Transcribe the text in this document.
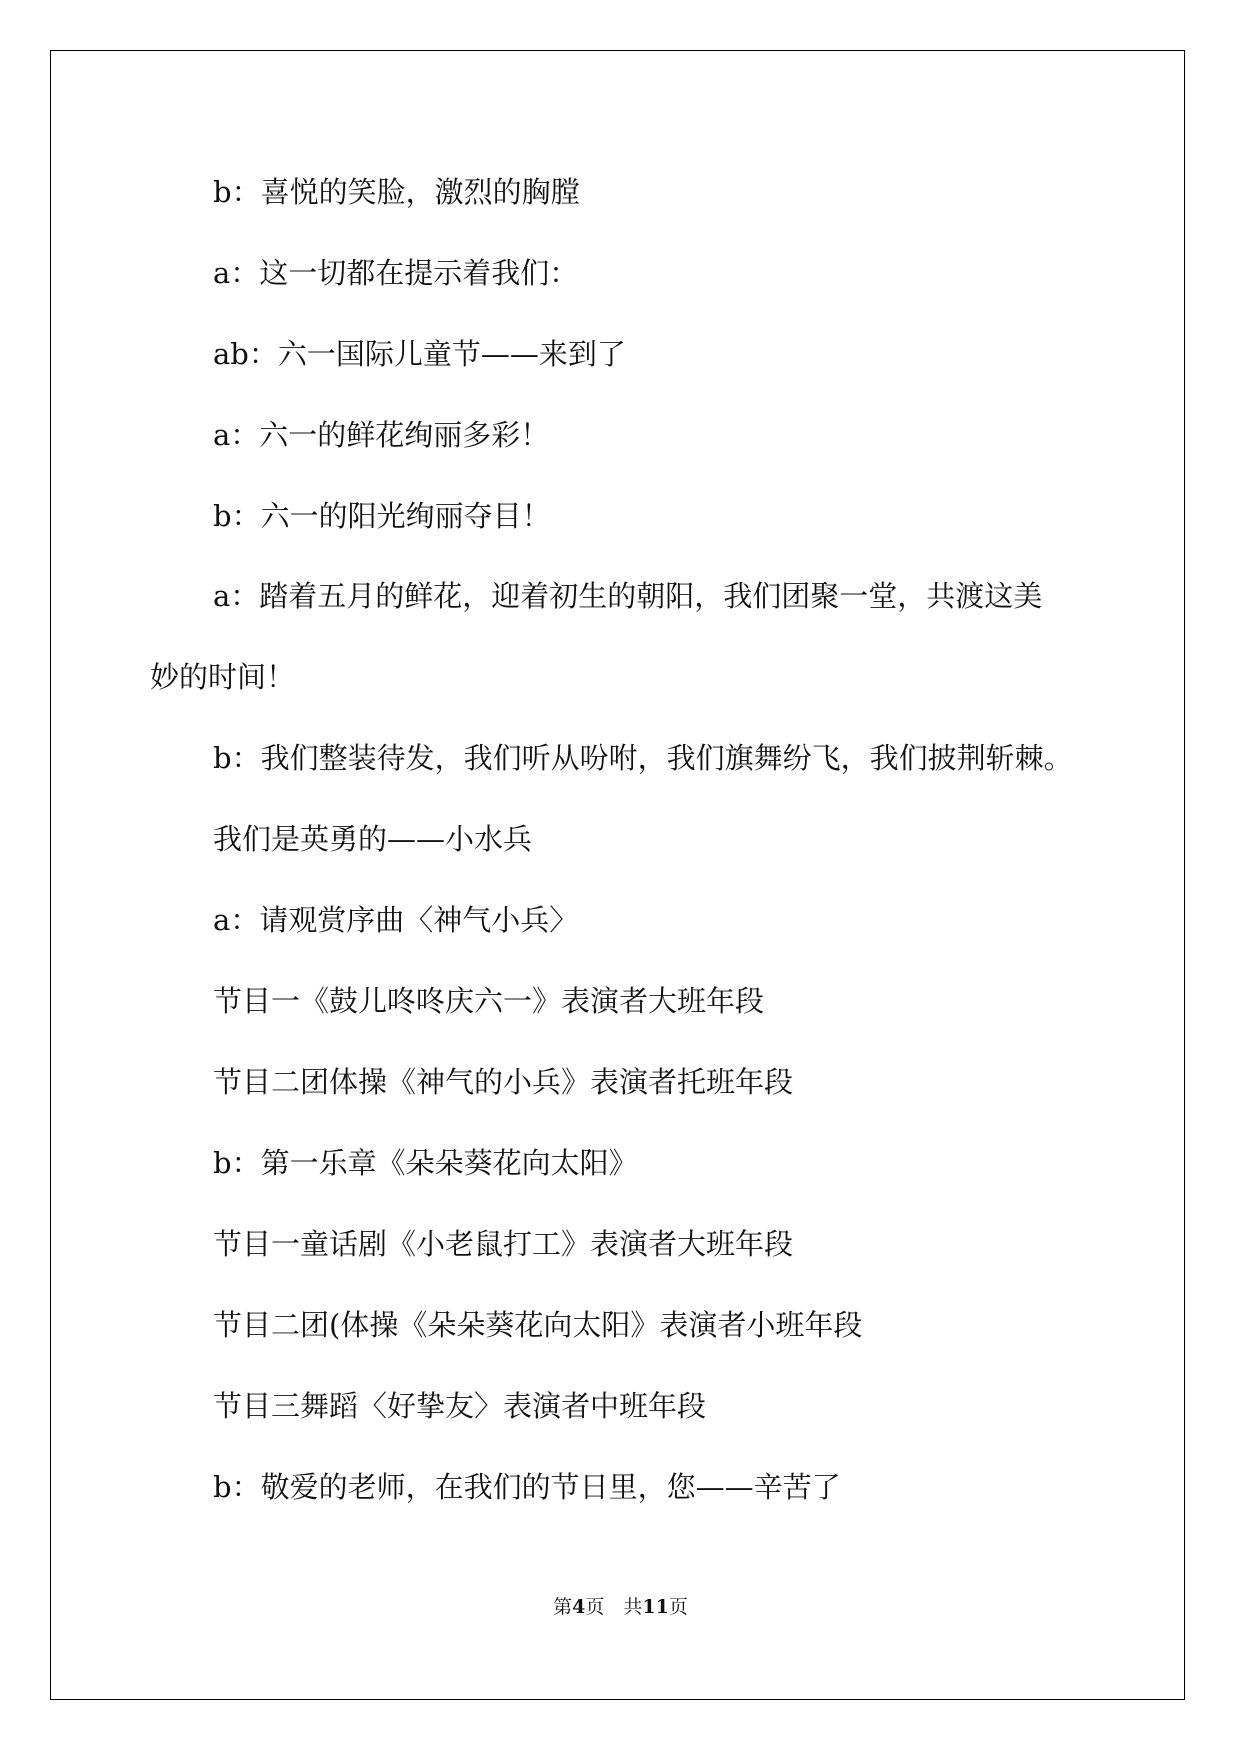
b：喜悦的笑脸，激烈的胸膛
a：这一切都在提示着我们：
ab：六一国际儿童节——来到了
a：六一的鲜花绚丽多彩！
b：六一的阳光绚丽夺目！
a：踏着五月的鲜花，迎着初生的朝阳，我们团聚一堂，共渡这美
妙的时间！
b：我们整装待发，我们听从吩咐，我们旗舞纷飞，我们披荆斩棘。
我们是英勇的——小水兵
a：请观赏序曲〈神气小兵〉
节目一《鼓儿咚咚庆六一》表演者大班年段
节目二团体操《神气的小兵》表演者托班年段
b：第一乐章《朵朵葵花向太阳》
节目一童话剧《小老鼠打工》表演者大班年段
节目二团(体操《朵朵葵花向太阳》表演者小班年段
节目三舞蹈〈好挚友〉表演者中班年段
b：敬爱的老师，在我们的节日里，您——辛苦了
第4页　共11页
